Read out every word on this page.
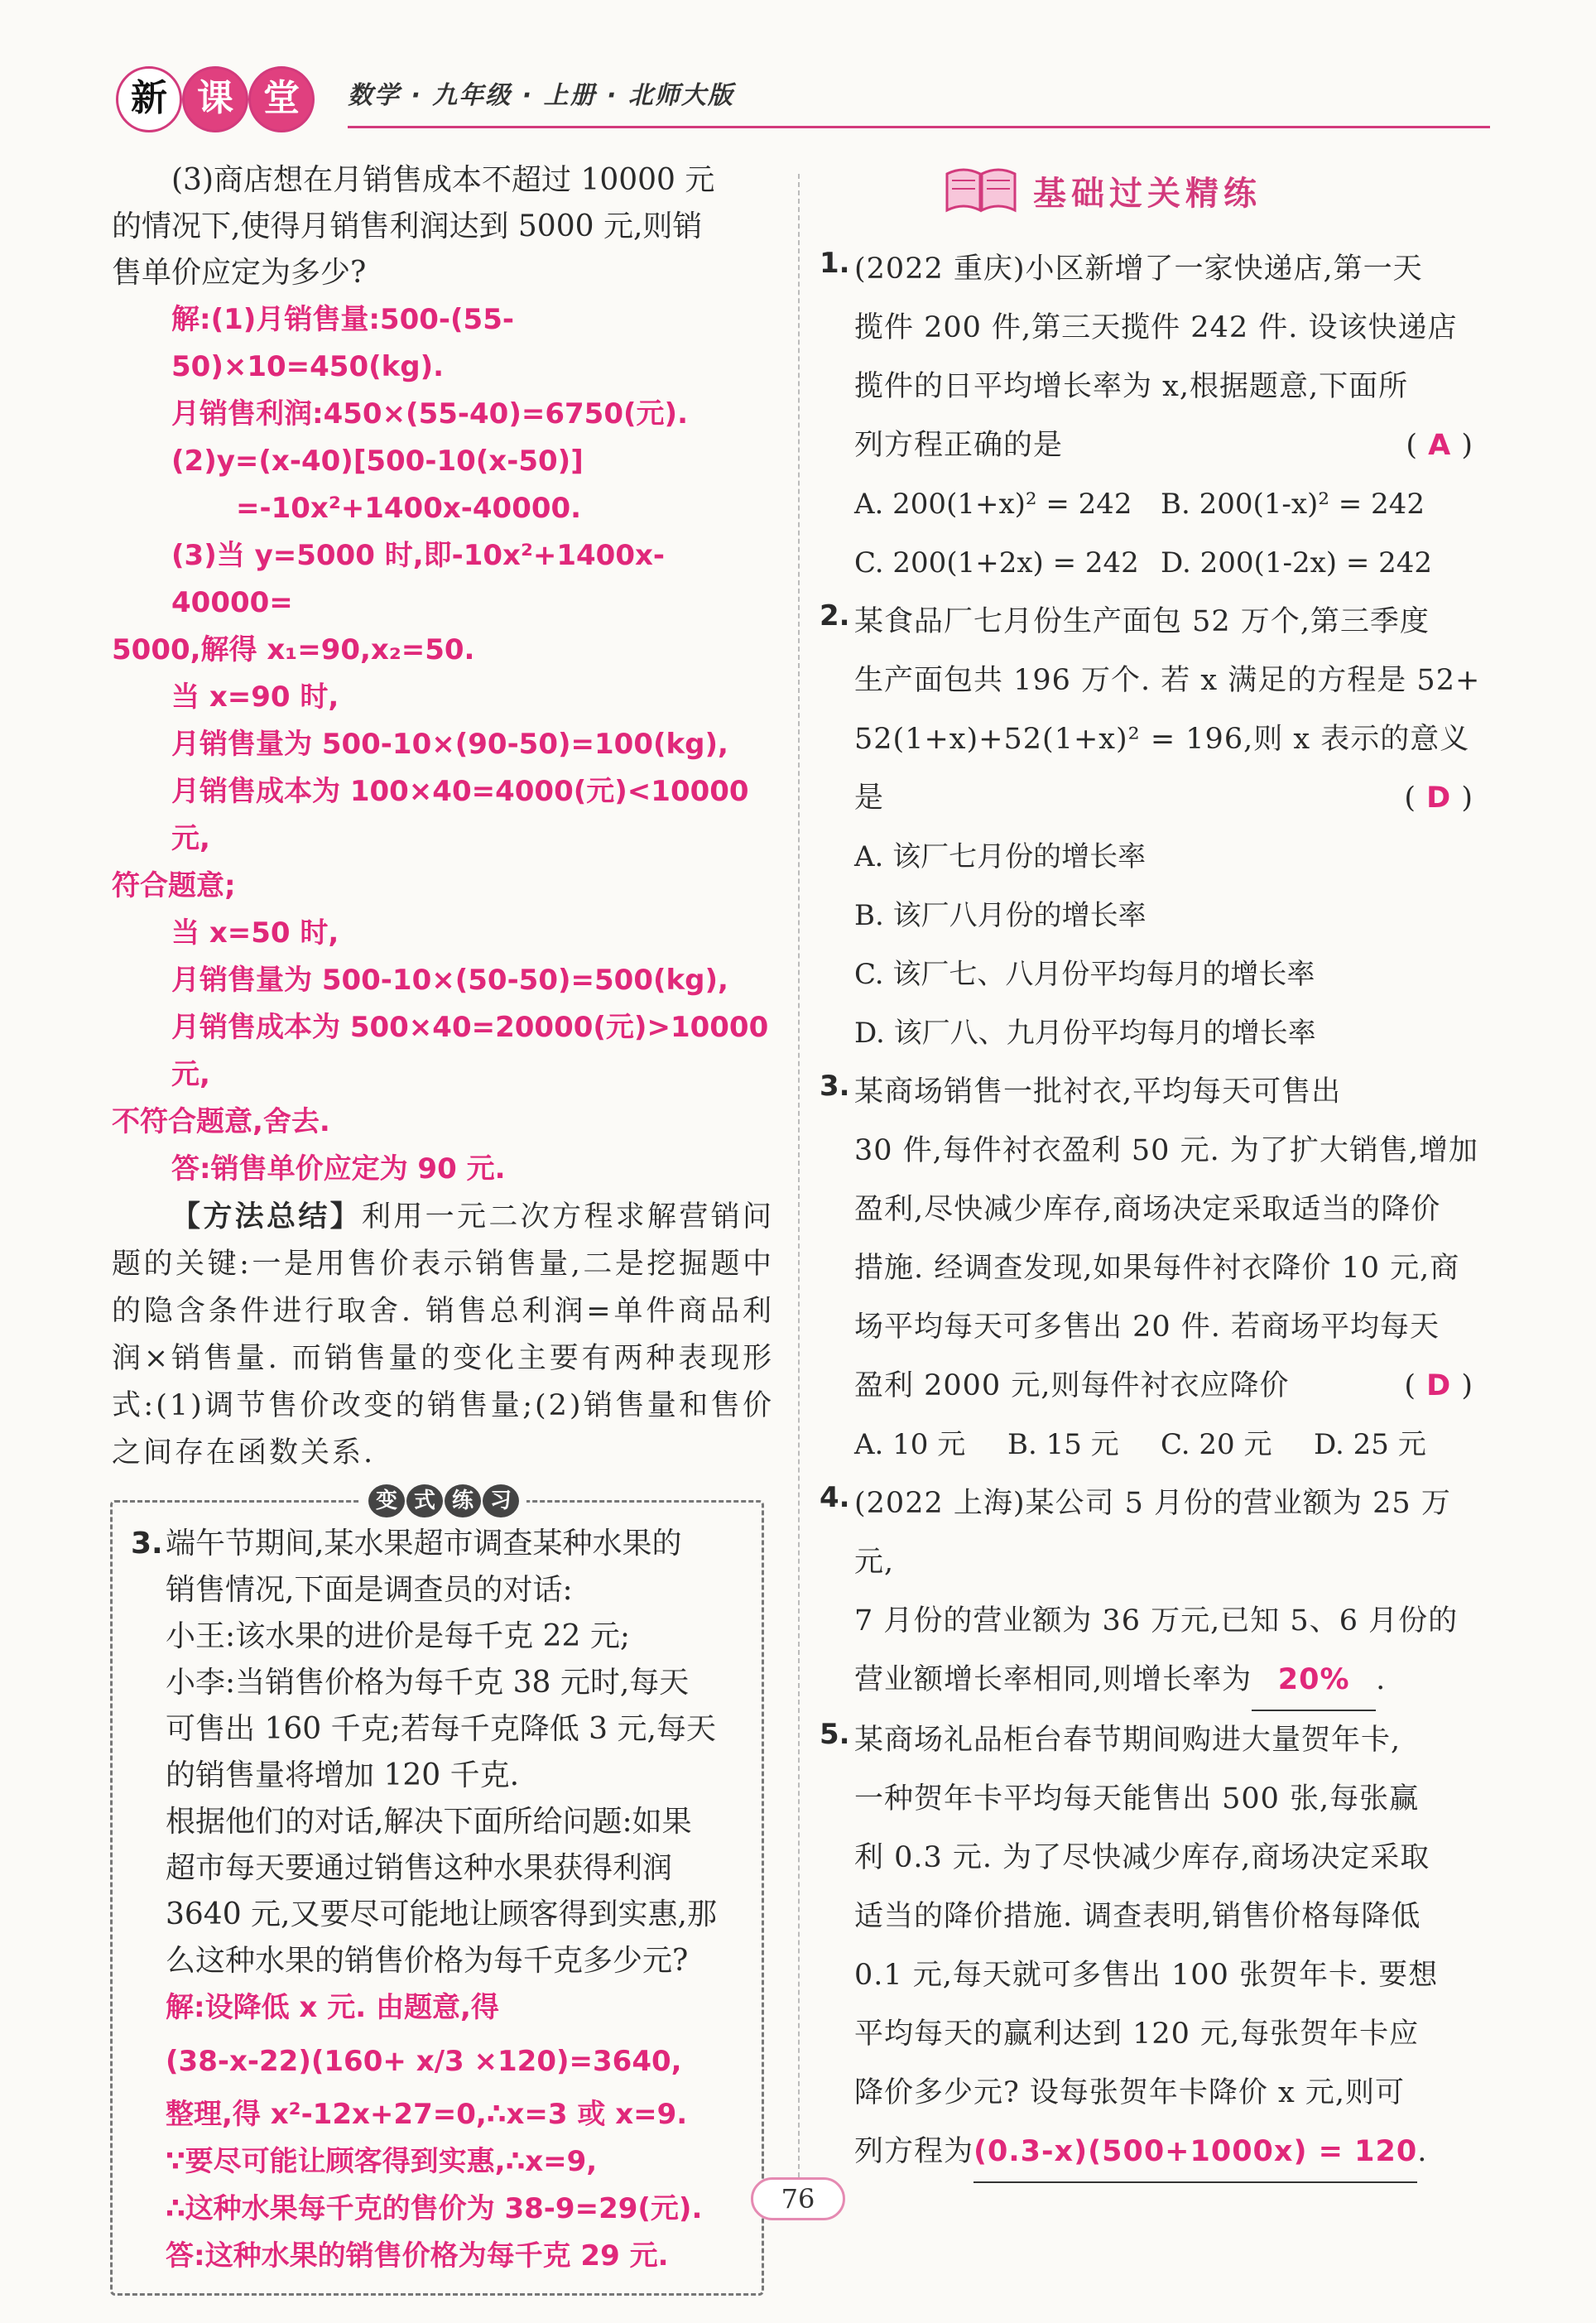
新 课 堂	数学 · 九年级 · 上册 · 北师大版

(3)商店想在月销售成本不超过 10000 元

的情况下,使得月销售利润达到 5000 元,则销

售单价应定为多少?

解:(1)月销售量:500-(55-50)×10=450(kg).

月销售利润:450×(55-40)=6750(元).

(2)y=(x-40)[500-10(x-50)]

=-10x²+1400x-40000.

(3)当 y=5000 时,即-10x²+1400x-40000=

5000,解得 x₁=90,x₂=50.

当 x=90 时,

月销售量为 500-10×(90-50)=100(kg),

月销售成本为 100×40=4000(元)<10000 元,

符合题意;

当 x=50 时,

月销售量为 500-10×(50-50)=500(kg),

月销售成本为 500×40=20000(元)>10000 元,

不符合题意,舍去.

答:销售单价应定为 90 元.

【方法总结】利用一元二次方程求解营销问题的关键:一是用售价表示销售量,二是挖掘题中的隐含条件进行取舍. 销售总利润=单件商品利润×销售量. 而销售量的变化主要有两种表现形式:(1)调节售价改变的销售量;(2)销售量和售价之间存在函数关系.

变 式 练 习

3.端午节期间,某水果超市调查某种水果的

销售情况,下面是调查员的对话:

小王:该水果的进价是每千克 22 元;

小李:当销售价格为每千克 38 元时,每天

可售出 160 千克;若每千克降低 3 元,每天

的销售量将增加 120 千克.

根据他们的对话,解决下面所给问题:如果

超市每天要通过销售这种水果获得利润

3640 元,又要尽可能地让顾客得到实惠,那

么这种水果的销售价格为每千克多少元?

解:设降低 x 元. 由题意,得

(38-x-22)(160+ x/3 ×120)=3640,

整理,得 x²-12x+27=0,∴x=3 或 x=9.

∵要尽可能让顾客得到实惠,∴x=9,

∴这种水果每千克的售价为 38-9=29(元).

答:这种水果的销售价格为每千克 29 元.

基础过关精练
1. (2022 重庆)小区新增了一家快递店,第一天

揽件 200 件,第三天揽件 242 件. 设该快递店

揽件的日平均增长率为 x,根据题意,下面所

列方程正确的是	( A )

A. 200(1+x)² = 242 B. 200(1-x)² = 242

C. 200(1+2x) = 242 D. 200(1-2x) = 242

2. 某食品厂七月份生产面包 52 万个,第三季度

生产面包共 196 万个. 若 x 满足的方程是 52+

52(1+x)+52(1+x)² = 196,则 x 表示的意义

是	( D )

A. 该厂七月份的增长率

B. 该厂八月份的增长率

C. 该厂七、八月份平均每月的增长率

D. 该厂八、九月份平均每月的增长率

3. 某商场销售一批衬衣,平均每天可售出

30 件,每件衬衣盈利 50 元. 为了扩大销售,增加

盈利,尽快减少库存,商场决定采取适当的降价

措施. 经调查发现,如果每件衬衣降价 10 元,商

场平均每天可多售出 20 件. 若商场平均每天

盈利 2000 元,则每件衬衣应降价	( D )

A. 10 元 B. 15 元 C. 20 元 D. 25 元

4. (2022 上海)某公司 5 月份的营业额为 25 万元,

7 月份的营业额为 36 万元,已知 5、6 月份的

营业额增长率相同,则增长率为 20% .

5. 某商场礼品柜台春节期间购进大量贺年卡,

一种贺年卡平均每天能售出 500 张,每张赢

利 0.3 元. 为了尽快减少库存,商场决定采取

适当的降价措施. 调查表明,销售价格每降低

0.1 元,每天就可多售出 100 张贺年卡. 要想

平均每天的赢利达到 120 元,每张贺年卡应

降价多少元? 设每张贺年卡降价 x 元,则可

列方程为(0.3-x)(500+1000x) = 120.

76
